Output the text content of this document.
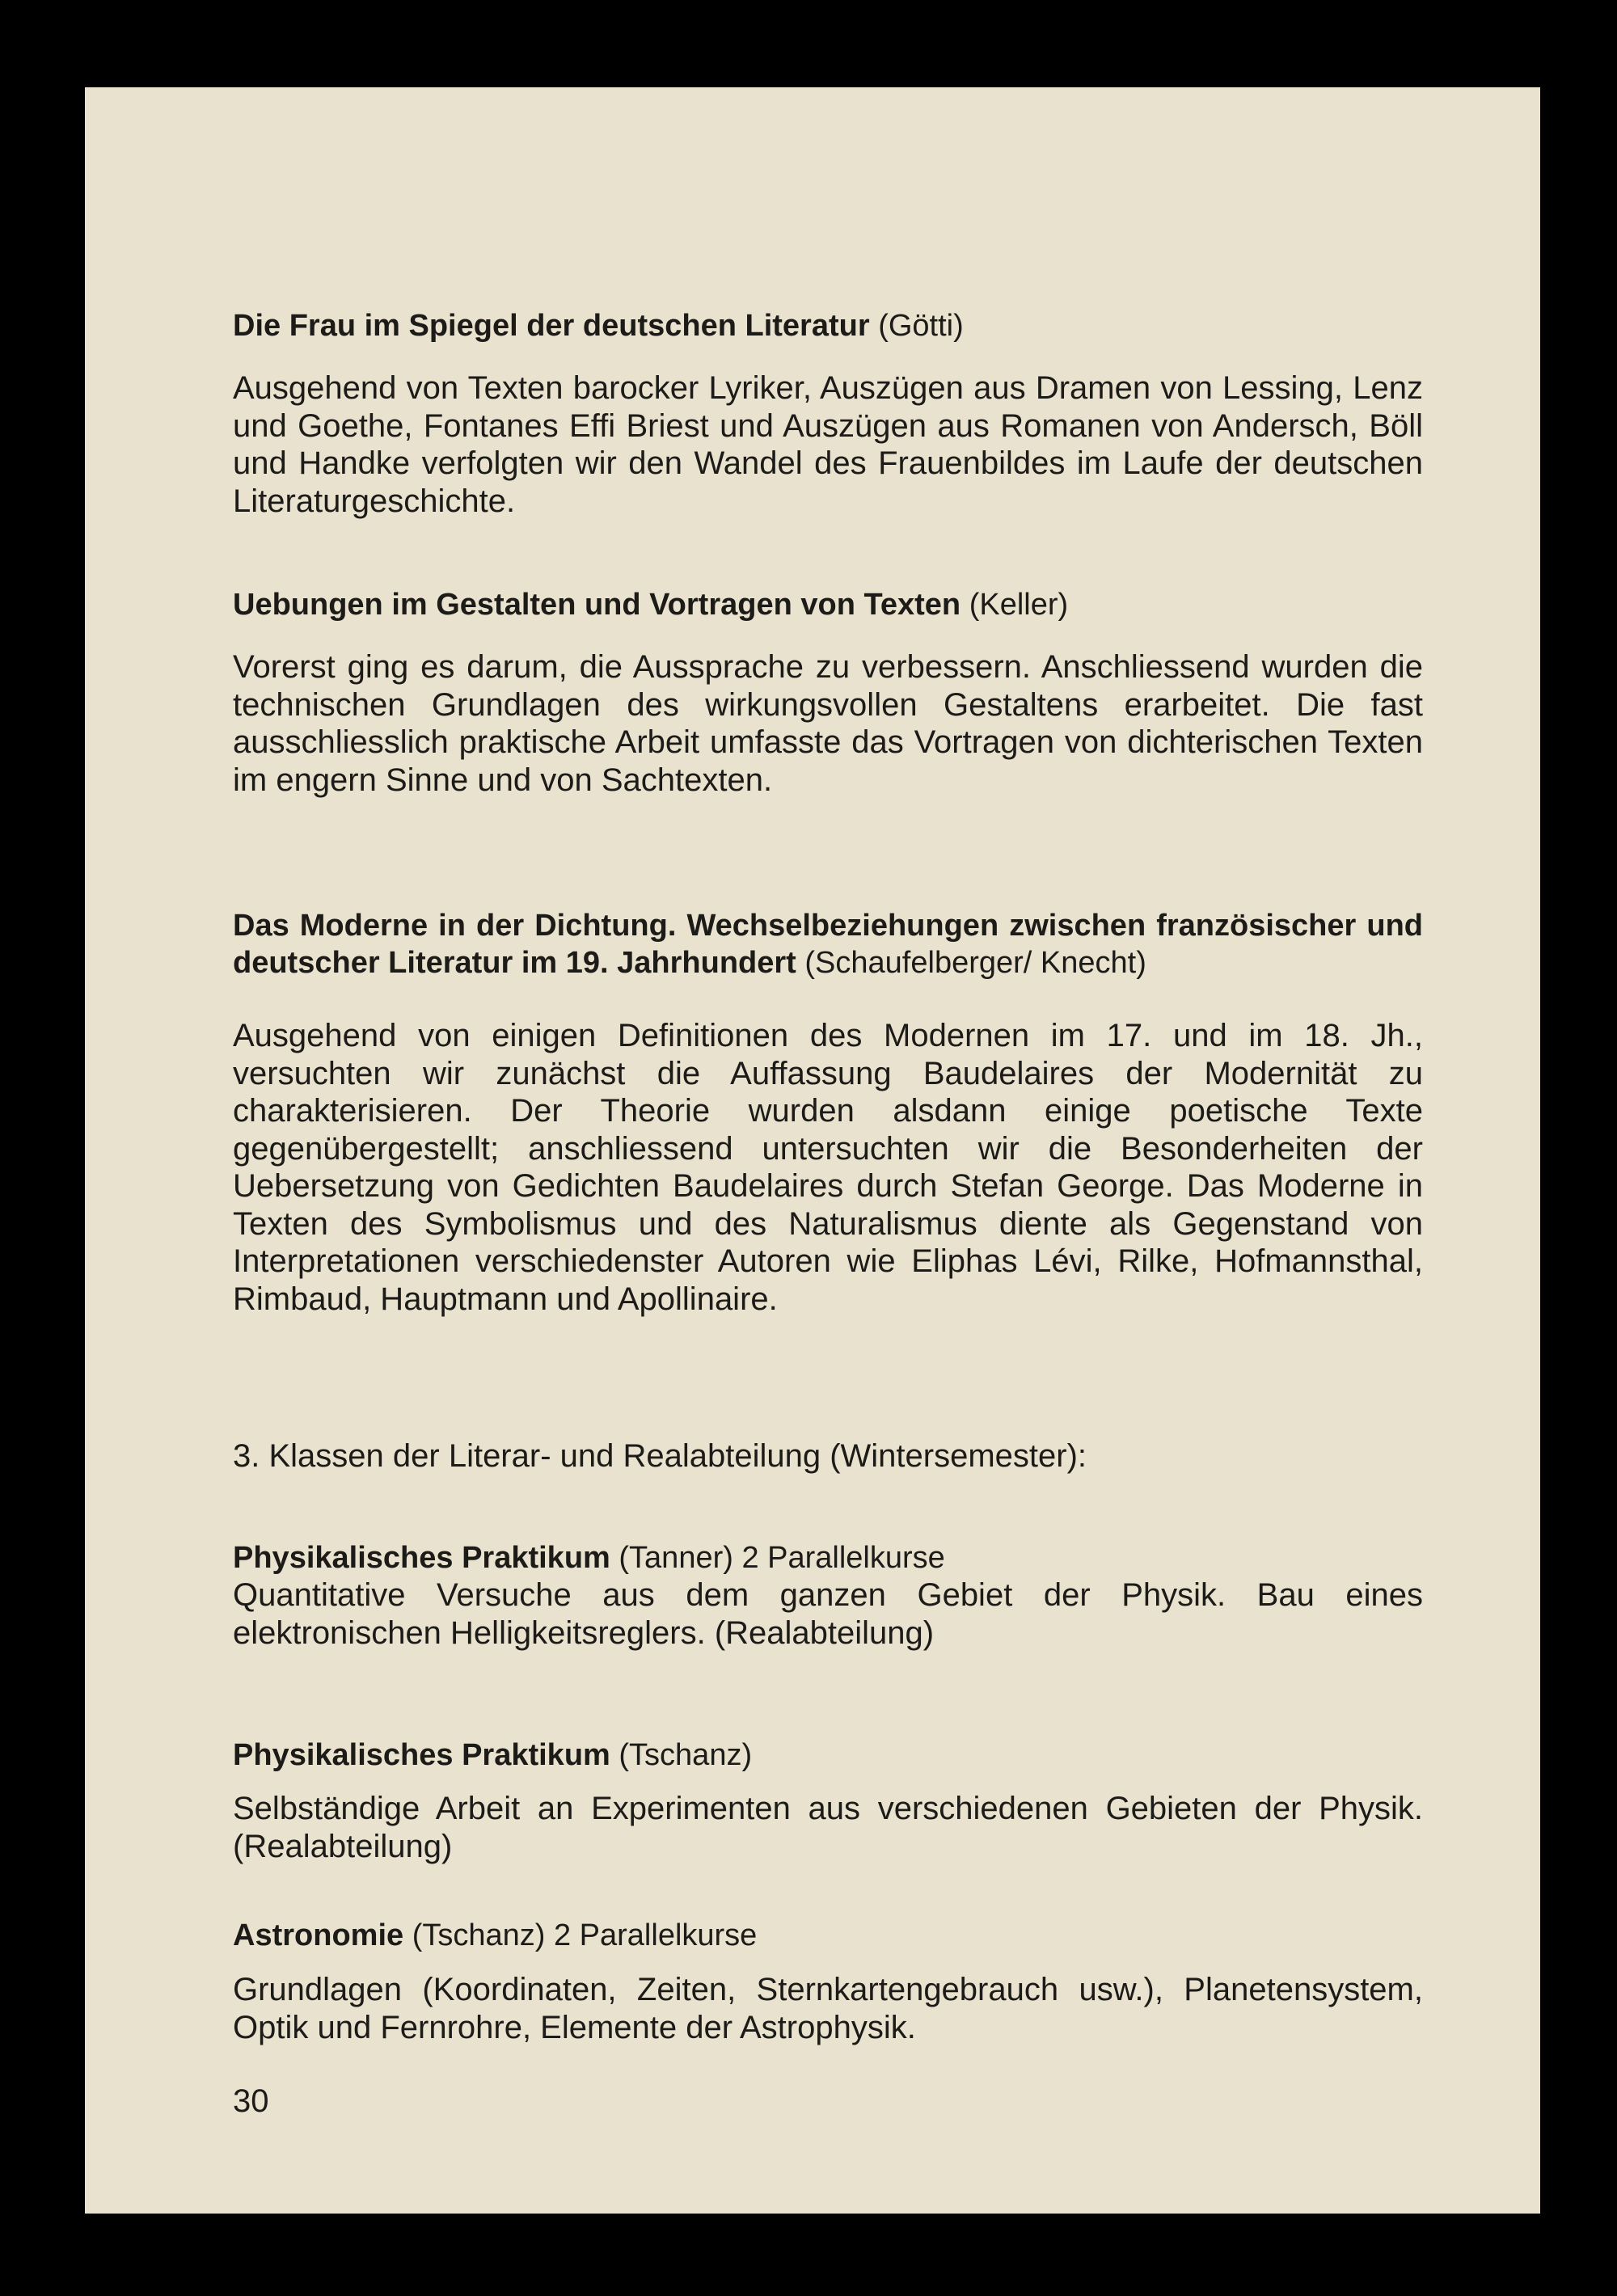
Die Frau im Spiegel der deutschen Literatur (Götti)

Ausgehend von Texten barocker Lyriker, Auszügen aus Dramen von Lessing, Lenz und Goethe, Fontanes Effi Briest und Auszügen aus Romanen von Andersch, Böll und Handke verfolgten wir den Wandel des Frauenbildes im Laufe der deutschen Literaturgeschichte.

Uebungen im Gestalten und Vortragen von Texten (Keller)

Vorerst ging es darum, die Aussprache zu verbessern. Anschliessend wurden die technischen Grundlagen des wirkungsvollen Gestaltens erarbeitet. Die fast ausschliesslich praktische Arbeit umfasste das Vortragen von dichterischen Texten im engern Sinne und von Sachtexten.

Das Moderne in der Dichtung. Wechselbeziehungen zwischen französischer und deutscher Literatur im 19. Jahrhundert (Schaufelberger/ Knecht)

Ausgehend von einigen Definitionen des Modernen im 17. und im 18. Jh., versuchten wir zunächst die Auffassung Baudelaires der Modernität zu charakterisieren. Der Theorie wurden alsdann einige poetische Texte gegenübergestellt; anschliessend untersuchten wir die Besonderheiten der Uebersetzung von Gedichten Baudelaires durch Stefan George. Das Moderne in Texten des Symbolismus und des Naturalismus diente als Gegenstand von Interpretationen verschiedenster Autoren wie Eliphas Lévi, Rilke, Hofmannsthal, Rimbaud, Hauptmann und Apollinaire.

3. Klassen der Literar- und Realabteilung (Wintersemester):

Physikalisches Praktikum (Tanner) 2 Parallelkurse

Quantitative Versuche aus dem ganzen Gebiet der Physik. Bau eines elektronischen Helligkeitsreglers. (Realabteilung)

Physikalisches Praktikum (Tschanz)

Selbständige Arbeit an Experimenten aus verschiedenen Gebieten der Physik. (Realabteilung)

Astronomie (Tschanz) 2 Parallelkurse

Grundlagen (Koordinaten, Zeiten, Sternkartengebrauch usw.), Planetensystem, Optik und Fernrohre, Elemente der Astrophysik.

30
